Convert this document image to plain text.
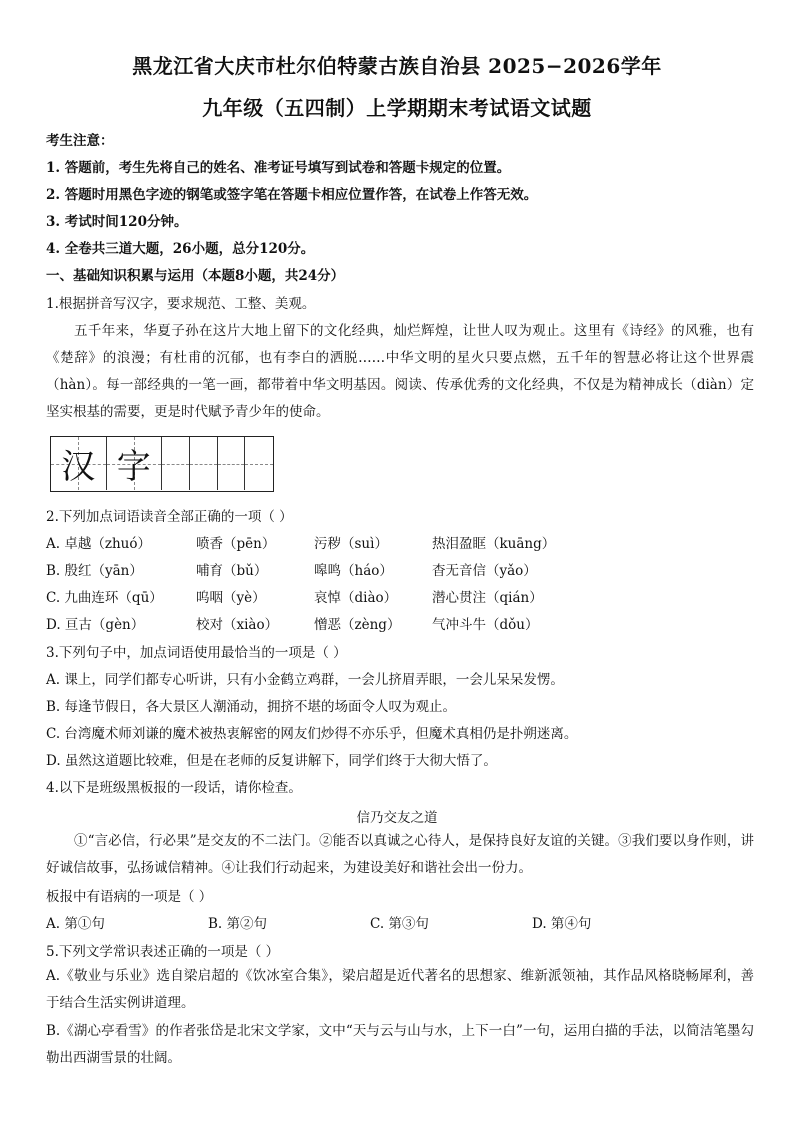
黑龙江省大庆市杜尔伯特蒙古族自治县 2025−2026学年
九年级（五四制）上学期期末考试语文试题
考生注意：
1. 答题前，考生先将自己的姓名、准考证号填写到试卷和答题卡规定的位置。
2. 答题时用黑色字迹的钢笔或签字笔在答题卡相应位置作答，在试卷上作答无效。
3. 考试时间120分钟。
4. 全卷共三道大题，26小题，总分120分。
一、基础知识积累与运用（本题8小题，共24分）
1.根据拼音写汉字，要求规范、工整、美观。
五千年来，华夏子孙在这片大地上留下的文化经典，灿烂辉煌，让世人叹为观止。这里有《诗经》的风雅，也有《楚辞》的浪漫；有杜甫的沉郁，也有李白的洒脱……中华文明的星火只要点燃，五千年的智慧必将让这个世界震（hàn）。每一部经典的一笔一画，都带着中华文明基因。阅读、传承优秀的文化经典，不仅是为精神成长（diàn）定坚实根基的需要，更是时代赋予青少年的使命。
汉 字
2.下列加点词语读音全部正确的一项（ ）
A. 卓越（zhuó）	喷香（pēn）	污秽（suì）	热泪盈眶（kuāng）
B. 殷红（yān）	哺育（bǔ）	嗥鸣（háo）	杳无音信（yǎo）
C. 九曲连环（qū）	呜咽（yè）	哀悼（diào）	潜心贯注（qián）
D. 亘古（gèn）	校对（xiào）	憎恶（zèng）	气冲斗牛（dǒu）
3.下列句子中，加点词语使用最恰当的一项是（ ）
A. 课上，同学们都专心听讲，只有小金鹤立鸡群，一会儿挤眉弄眼，一会儿呆呆发愣。
B. 每逢节假日，各大景区人潮涌动，拥挤不堪的场面令人叹为观止。
C. 台湾魔术师刘谦的魔术被热衷解密的网友们炒得不亦乐乎，但魔术真相仍是扑朔迷离。
D. 虽然这道题比较难，但是在老师的反复讲解下，同学们终于大彻大悟了。
4.以下是班级黑板报的一段话，请你检查。
信乃交友之道
①“言必信，行必果”是交友的不二法门。②能否以真诚之心待人，是保持良好友谊的关键。③我们要以身作则，讲好诚信故事，弘扬诚信精神。④让我们行动起来，为建设美好和谐社会出一份力。
板报中有语病的一项是（ ）
A. 第①句	B. 第②句	C. 第③句	D. 第④句
5.下列文学常识表述正确的一项是（ ）
A.《敬业与乐业》选自梁启超的《饮冰室合集》，梁启超是近代著名的思想家、维新派领袖，其作品风格晓畅犀利，善于结合生活实例讲道理。
B.《湖心亭看雪》的作者张岱是北宋文学家，文中“天与云与山与水，上下一白”一句，运用白描的手法，以简洁笔墨勾勒出西湖雪景的壮阔。
